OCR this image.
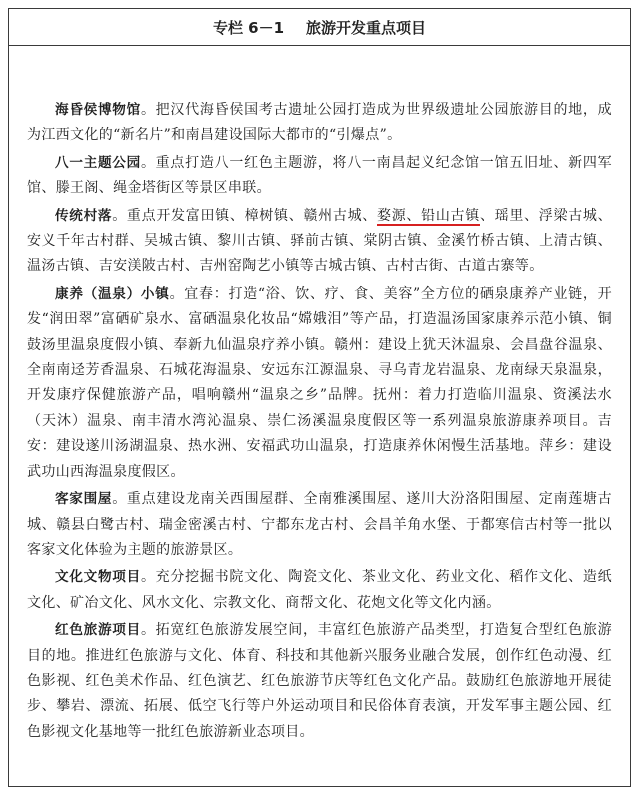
专栏 6－1 旅游开发重点项目

海昏侯博物馆。把汉代海昏侯国考古遗址公园打造成为世界级遗址公园旅游目的地，成为江西文化的“新名片”和南昌建设国际大都市的“引爆点”。

八一主题公园。重点打造八一红色主题游，将八一南昌起义纪念馆一馆五旧址、新四军馆、滕王阁、绳金塔街区等景区串联。

传统村落。重点开发富田镇、樟树镇、赣州古城、婺源、铅山古镇、瑶里、浮梁古城、安义千年古村群、吴城古镇、黎川古镇、驿前古镇、棠阴古镇、金溪竹桥古镇、上清古镇、温汤古镇、吉安渼陂古村、吉州窑陶艺小镇等古城古镇、古村古街、古道古寨等。

康养（温泉）小镇。宜春：打造“浴、饮、疗、食、美容”全方位的硒泉康养产业链，开发“润田翠”富硒矿泉水、富硒温泉化妆品“嫦娥泪”等产品，打造温汤国家康养示范小镇、铜鼓汤里温泉度假小镇、奉新九仙温泉疗养小镇。赣州：建设上犹天沐温泉、会昌盘谷温泉、全南南迳芳香温泉、石城花海温泉、安远东江源温泉、寻乌青龙岩温泉、龙南绿天泉温泉，开发康疗保健旅游产品，唱响赣州“温泉之乡”品牌。抚州：着力打造临川温泉、资溪法水（天沐）温泉、南丰清水湾沁温泉、崇仁汤溪温泉度假区等一系列温泉旅游康养项目。吉安：建设遂川汤湖温泉、热水洲、安福武功山温泉，打造康养休闲慢生活基地。萍乡：建设武功山西海温泉度假区。

客家围屋。重点建设龙南关西围屋群、全南雅溪围屋、遂川大汾洛阳围屋、定南莲塘古城、赣县白鹭古村、瑞金密溪古村、宁都东龙古村、会昌羊角水堡、于都寒信古村等一批以客家文化体验为主题的旅游景区。

文化文物项目。充分挖掘书院文化、陶瓷文化、茶业文化、药业文化、稻作文化、造纸文化、矿冶文化、风水文化、宗教文化、商帮文化、花炮文化等文化内涵。

红色旅游项目。拓宽红色旅游发展空间，丰富红色旅游产品类型，打造复合型红色旅游目的地。推进红色旅游与文化、体育、科技和其他新兴服务业融合发展，创作红色动漫、红色影视、红色美术作品、红色演艺、红色旅游节庆等红色文化产品。鼓励红色旅游地开展徒步、攀岩、漂流、拓展、低空飞行等户外运动项目和民俗体育表演，开发军事主题公园、红色影视文化基地等一批红色旅游新业态项目。
